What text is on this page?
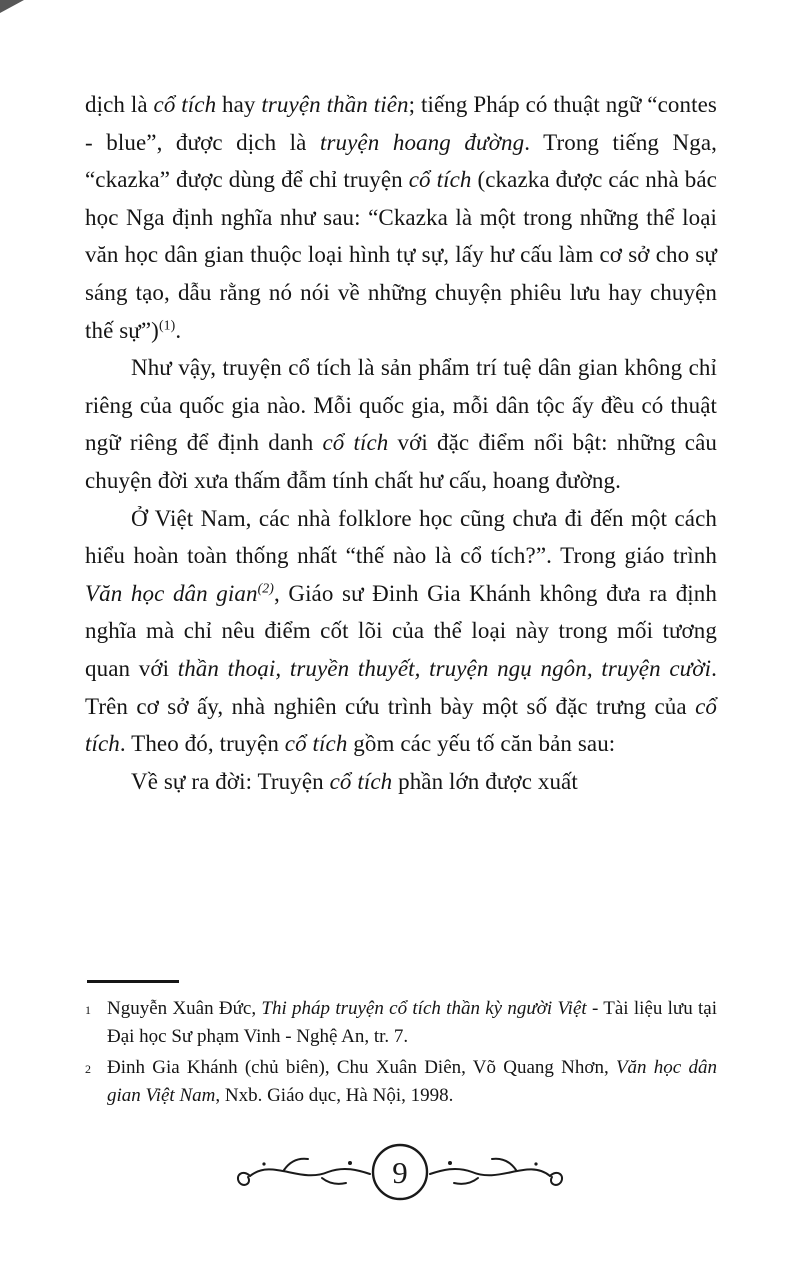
dịch là cổ tích hay truyện thần tiên; tiếng Pháp có thuật ngữ “contes - blue”, được dịch là truyện hoang đường. Trong tiếng Nga, “ckazka” được dùng để chỉ truyện cổ tích (ckazka được các nhà bác học Nga định nghĩa như sau: “Ckazka là một trong những thể loại văn học dân gian thuộc loại hình tự sự, lấy hư cấu làm cơ sở cho sự sáng tạo, dẫu rằng nó nói về những chuyện phiêu lưu hay chuyện thế sự”)$^{(1)}$.

Như vậy, truyện cổ tích là sản phẩm trí tuệ dân gian không chỉ riêng của quốc gia nào. Mỗi quốc gia, mỗi dân tộc ấy đều có thuật ngữ riêng để định danh cổ tích với đặc điểm nổi bật: những câu chuyện đời xưa thấm đẫm tính chất hư cấu, hoang đường.

Ở Việt Nam, các nhà folklore học cũng chưa đi đến một cách hiểu hoàn toàn thống nhất “thế nào là cổ tích?”. Trong giáo trình Văn học dân gian$^{(2)}$, Giáo sư Đinh Gia Khánh không đưa ra định nghĩa mà chỉ nêu điểm cốt lõi của thể loại này trong mối tương quan với thần thoại, truyền thuyết, truyện ngụ ngôn, truyện cười. Trên cơ sở ấy, nhà nghiên cứu trình bày một số đặc trưng của cổ tích. Theo đó, truyện cổ tích gồm các yếu tố căn bản sau:

Về sự ra đời: Truyện cổ tích phần lớn được xuất

1 Nguyễn Xuân Đức, Thi pháp truyện cổ tích thần kỳ người Việt - Tài liệu lưu tại Đại học Sư phạm Vinh - Nghệ An, tr. 7.
2 Đinh Gia Khánh (chủ biên), Chu Xuân Diên, Võ Quang Nhơn, Văn học dân gian Việt Nam, Nxb. Giáo dục, Hà Nội, 1998.
9
